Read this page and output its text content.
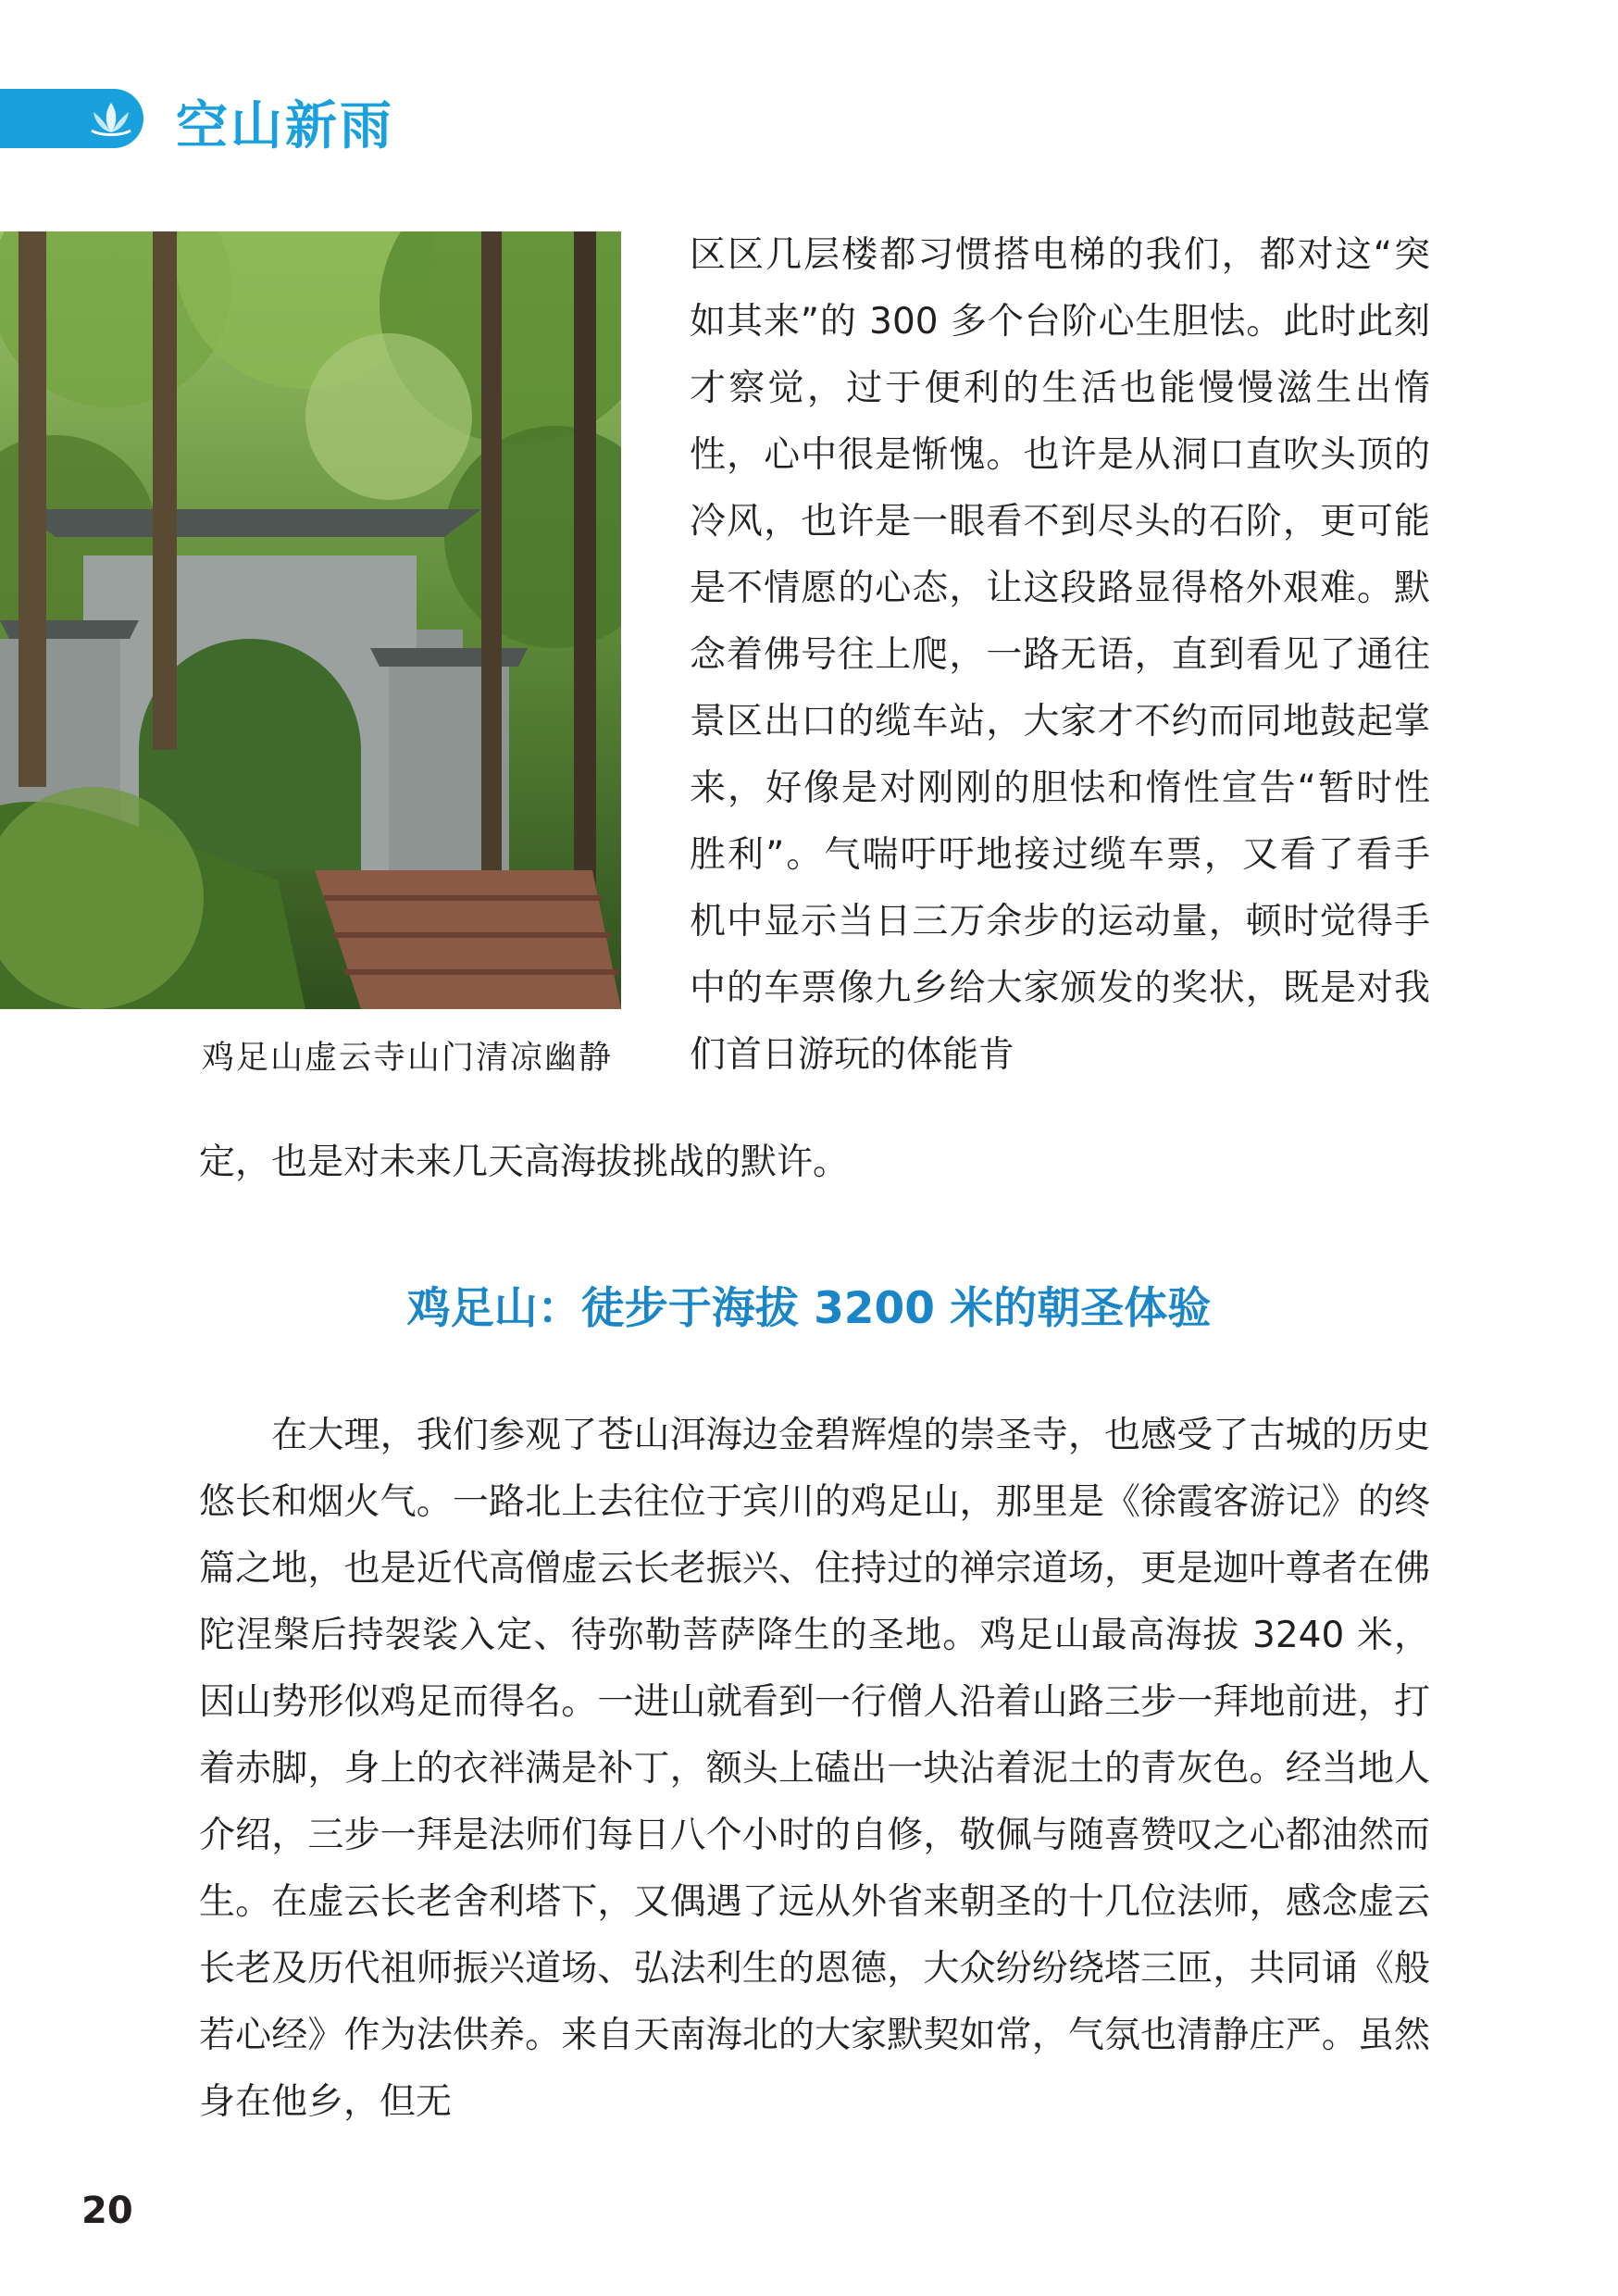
空山新雨

鸡足山虚云寺山门清凉幽静

区区几层楼都习惯搭电梯的我们，都对这“突如其来”的 300 多个台阶心生胆怯。此时此刻才察觉，过于便利的生活也能慢慢滋生出惰性，心中很是惭愧。也许是从洞口直吹头顶的冷风，也许是一眼看不到尽头的石阶，更可能是不情愿的心态，让这段路显得格外艰难。默念着佛号往上爬，一路无语，直到看见了通往景区出口的缆车站，大家才不约而同地鼓起掌来，好像是对刚刚的胆怯和惰性宣告“暂时性胜利”。气喘吁吁地接过缆车票，又看了看手机中显示当日三万余步的运动量，顿时觉得手中的车票像九乡给大家颁发的奖状，既是对我们首日游玩的体能肯

定，也是对未来几天高海拔挑战的默许。

鸡足山：徒步于海拔 3200 米的朝圣体验

　　在大理，我们参观了苍山洱海边金碧辉煌的崇圣寺，也感受了古城的历史悠长和烟火气。一路北上去往位于宾川的鸡足山，那里是《徐霞客游记》的终篇之地，也是近代高僧虚云长老振兴、住持过的禅宗道场，更是迦叶尊者在佛陀涅槃后持袈裟入定、待弥勒菩萨降生的圣地。鸡足山最高海拔 3240 米，因山势形似鸡足而得名。一进山就看到一行僧人沿着山路三步一拜地前进，打着赤脚，身上的衣袢满是补丁，额头上磕出一块沾着泥土的青灰色。经当地人介绍，三步一拜是法师们每日八个小时的自修，敬佩与随喜赞叹之心都油然而生。在虚云长老舍利塔下，又偶遇了远从外省来朝圣的十几位法师，感念虚云长老及历代祖师振兴道场、弘法利生的恩德，大众纷纷绕塔三匝，共同诵《般若心经》作为法供养。来自天南海北的大家默契如常，气氛也清静庄严。虽然身在他乡，但无

20
